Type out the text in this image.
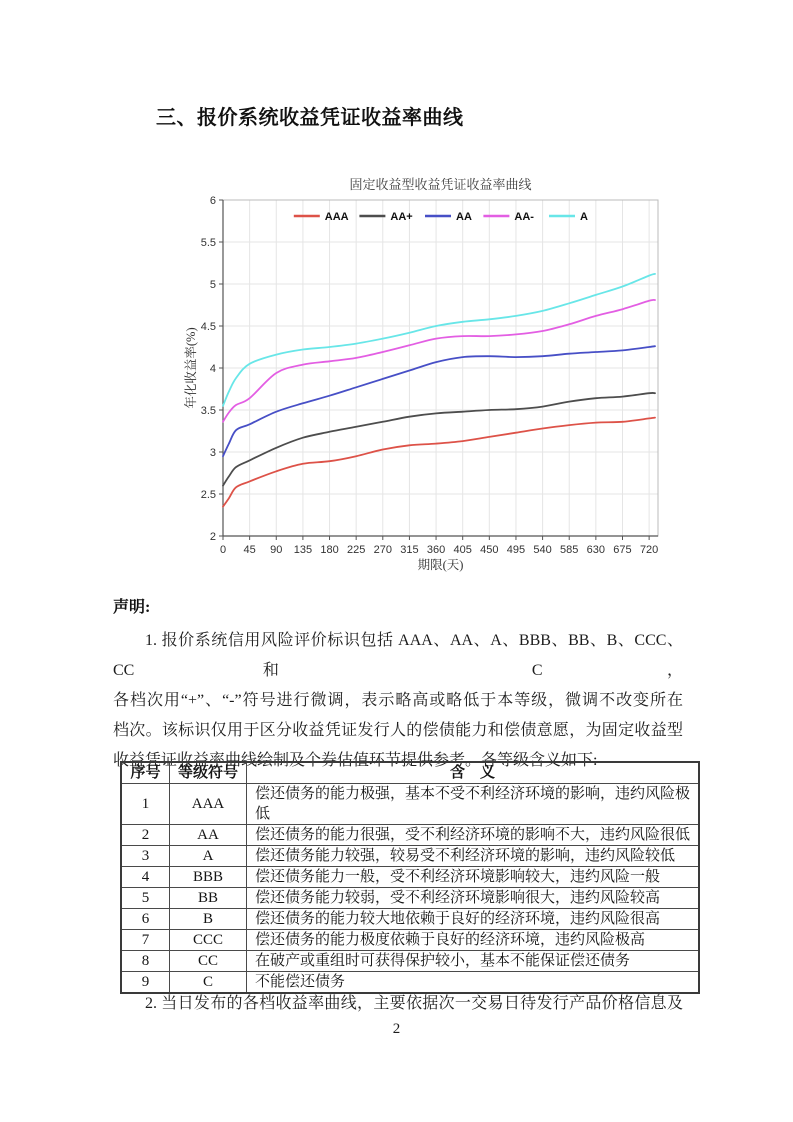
三、报价系统收益凭证收益率曲线
2
2.5
3
3.5
4
4.5
5
5.5
6
0 45 90 135 180 225 270 315 360 405 450 495 540 585 630 675 720
固定收益型收益凭证收益率曲线
期限(天)
年化收益率(%)
AAA	AA+	AA	AA-	A
声明:
1. 报价系统信用风险评价标识包括 AAA、AA、A、BBB、BB、B、CCC、CC 和 C，
各档次用“+”、“-”符号进行微调，表示略高或略低于本等级，微调不改变所在
档次。该标识仅用于区分收益凭证发行人的偿债能力和偿债意愿，为固定收益型
收益凭证收益率曲线绘制及个券估值环节提供参考。各等级含义如下:
序号	等级符号	含　义
1	AAA	偿还债务的能力极强，基本不受不利经济环境的影响，违约风险极低
2	AA	偿还债务的能力很强，受不利经济环境的影响不大，违约风险很低
3	A	偿还债务能力较强，较易受不利经济环境的影响，违约风险较低
4	BBB	偿还债务能力一般，受不利经济环境影响较大，违约风险一般
5	BB	偿还债务能力较弱，受不利经济环境影响很大，违约风险较高
6	B	偿还债务的能力较大地依赖于良好的经济环境，违约风险很高
7	CCC	偿还债务的能力极度依赖于良好的经济环境，违约风险极高
8	CC	在破产或重组时可获得保护较小，基本不能保证偿还债务
9	C	不能偿还债务
2. 当日发布的各档收益率曲线，主要依据次一交易日待发行产品价格信息及
2
